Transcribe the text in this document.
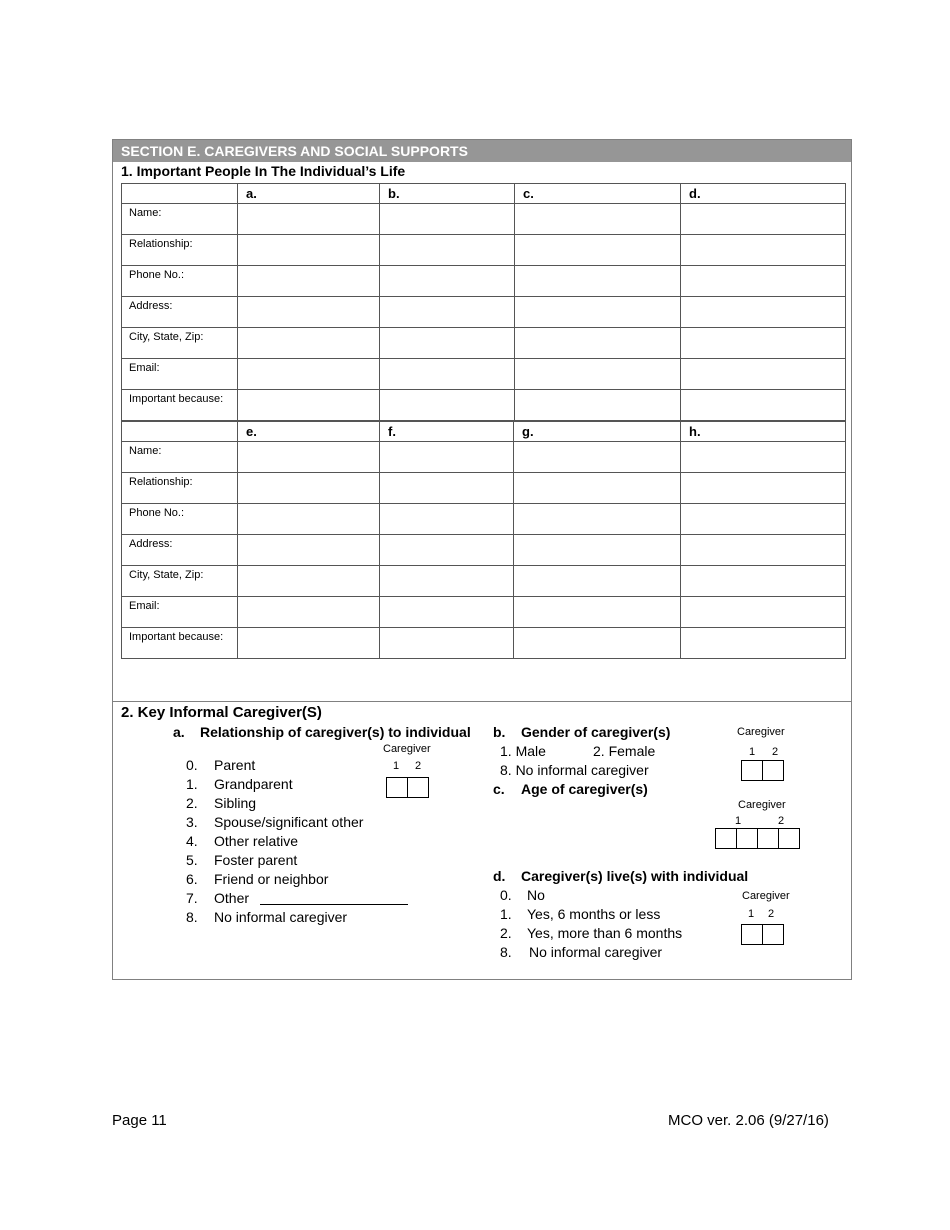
SECTION E. CAREGIVERS AND SOCIAL SUPPORTS
1. Important People In The Individual’s Life
	a.	b.	c.	d.
Name:				
Relationship:				
Phone No.:				
Address:				
City, State, Zip:				
Email:				
Important because:				
	e.	f.	g.	h.
Name:				
Relationship:				
Phone No.:				
Address:				
City, State, Zip:				
Email:				
Important because:				
2. Key Informal Caregiver(S)
a. Relationship of caregiver(s) to individual
Caregiver
1 2
0. Parent
1. Grandparent
2. Sibling
3. Spouse/significant other
4. Other relative
5. Foster parent
6. Friend or neighbor
7. Other
8. No informal caregiver
b. Gender of caregiver(s)	Caregiver
1 2
1. Male	2. Female
8. No informal caregiver
c. Age of caregiver(s)
Caregiver
1	2
d. Caregiver(s) live(s) with individual
Caregiver
1 2
0. No
1. Yes, 6 months or less
2. Yes, more than 6 months
8. No informal caregiver
Page 11	MCO ver. 2.06 (9/27/16)
